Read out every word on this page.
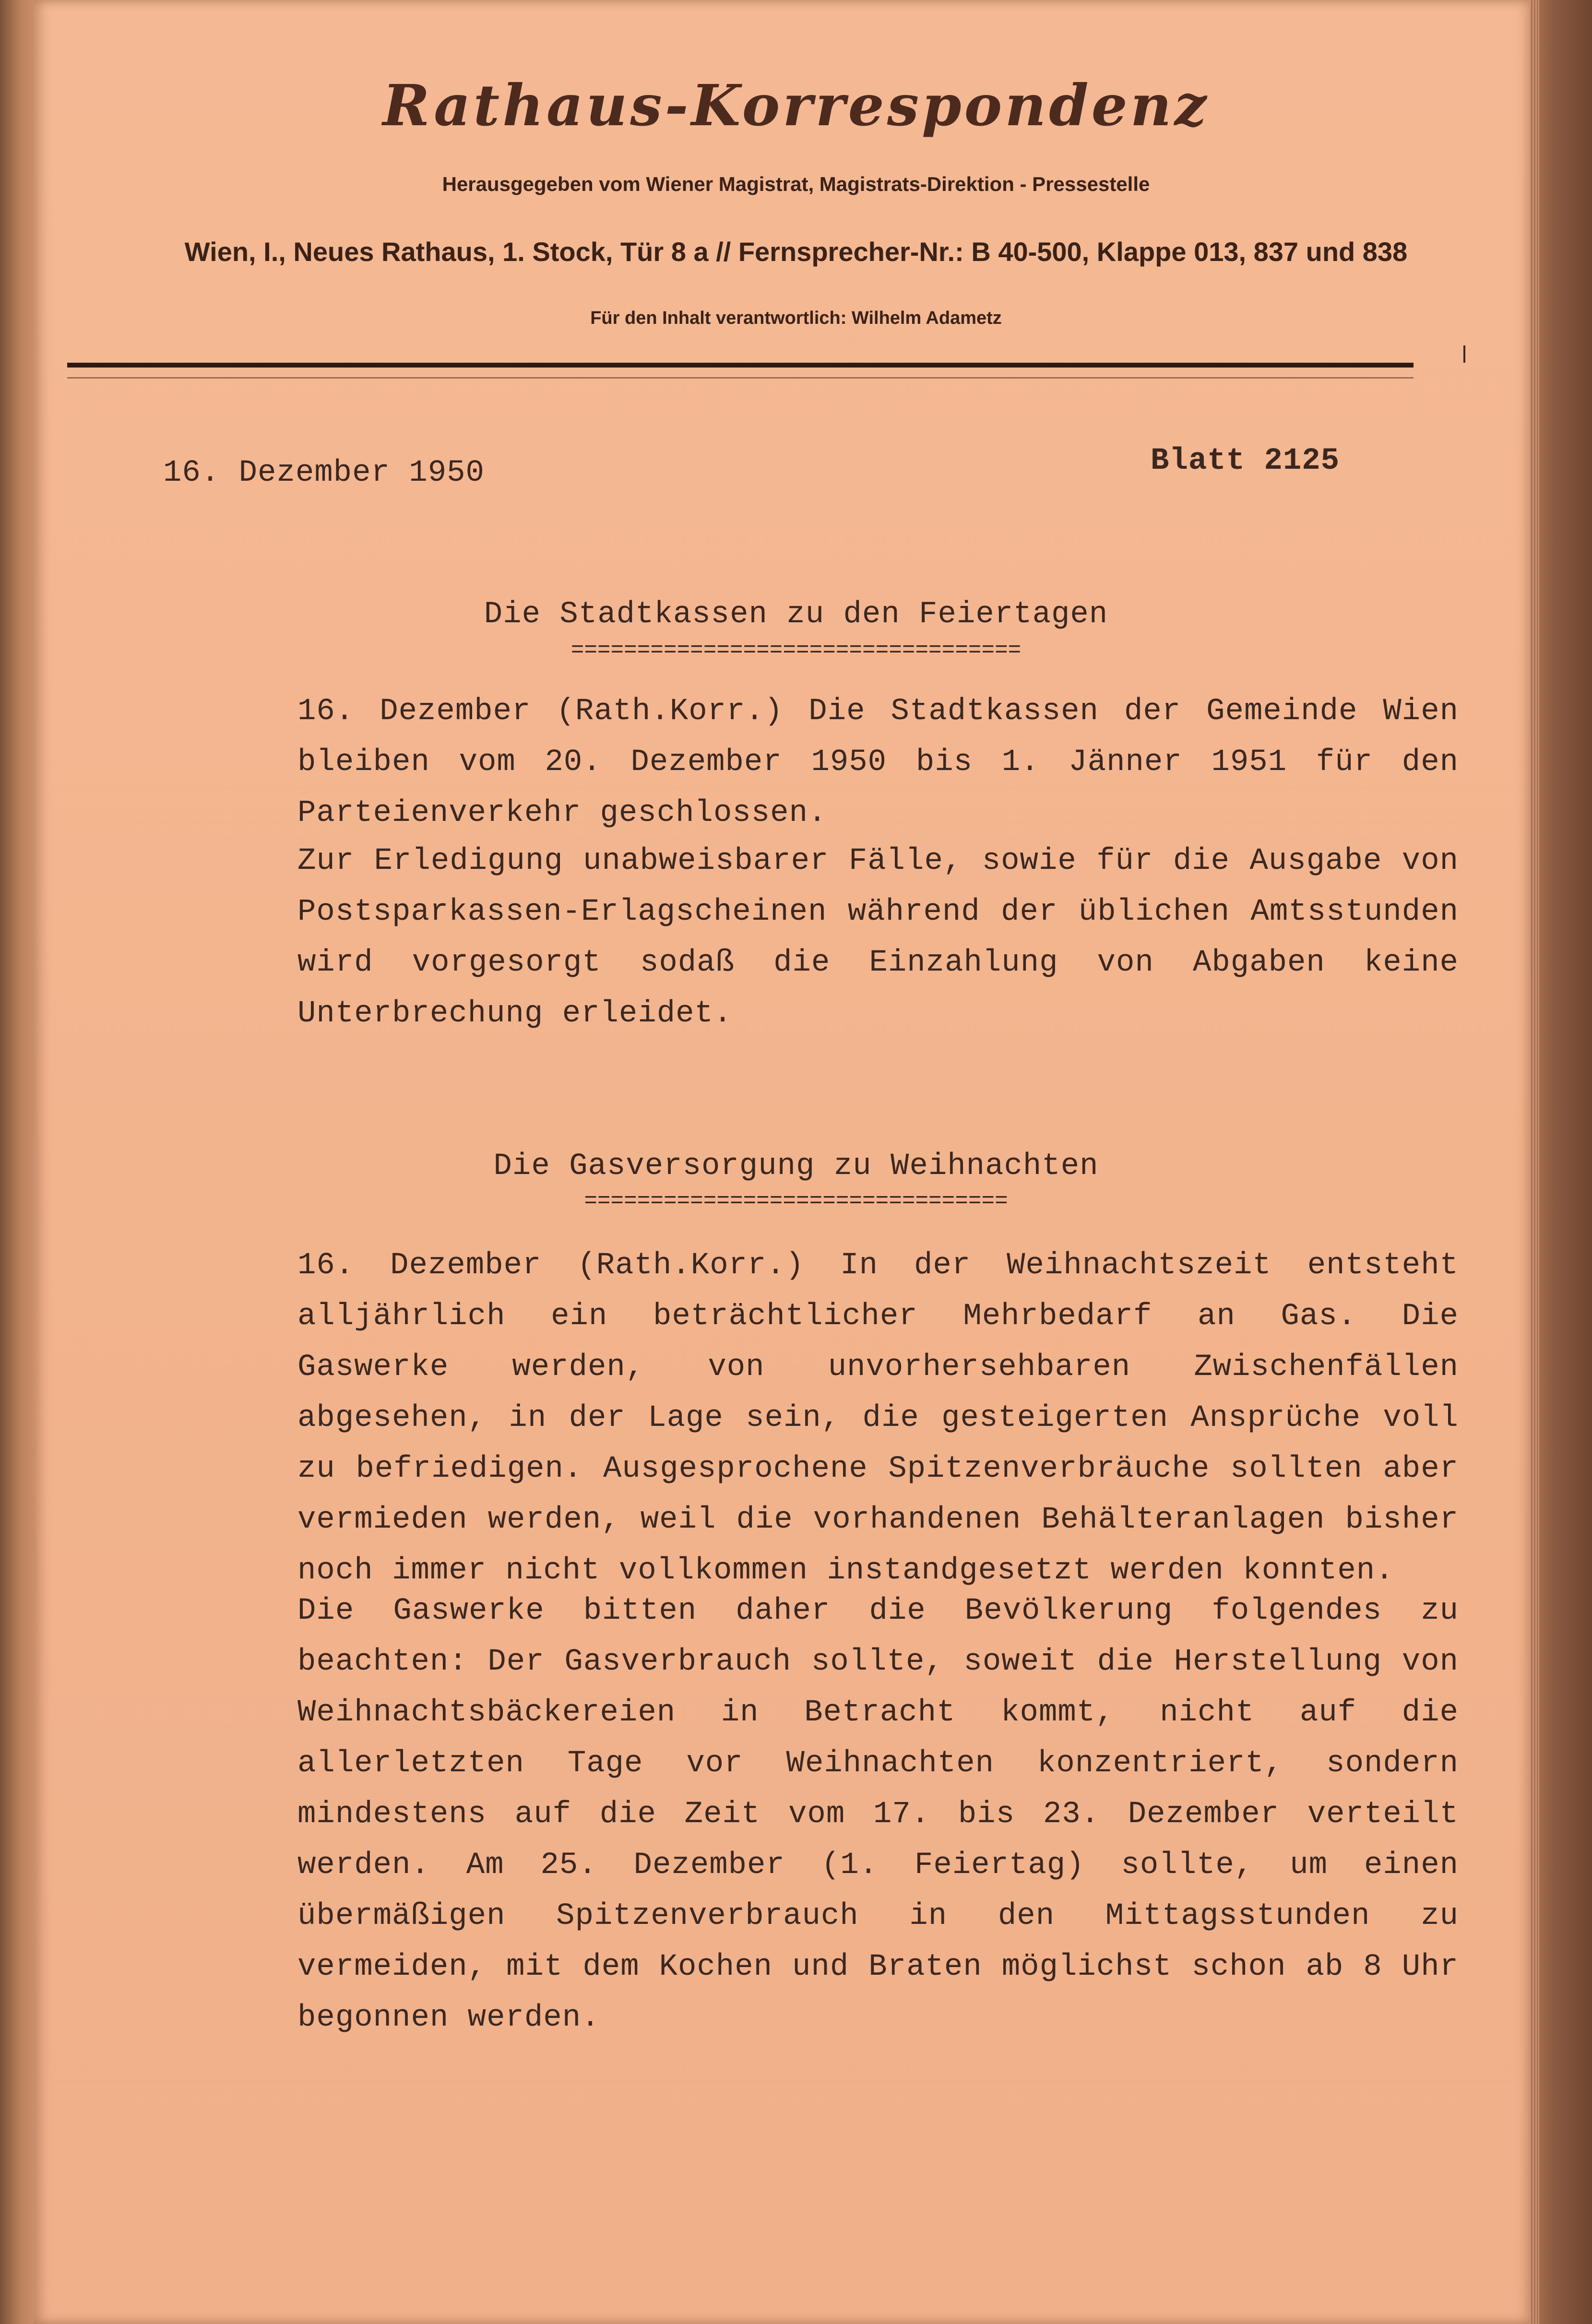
Rathaus-Korrespondenz
Herausgegeben vom Wiener Magistrat, Magistrats-Direktion - Pressestelle
Wien, I., Neues Rathaus, 1. Stock, Tür 8 a // Fernsprecher-Nr.: B 40-500, Klappe 013, 837 und 838
Für den Inhalt verantwortlich: Wilhelm Adametz
16. Dezember 1950	Blatt 2125
Die Stadtkassen zu den Feiertagen
==================================
16. Dezember (Rath.Korr.) Die Stadtkassen der Gemeinde Wien bleiben vom 20. Dezember 1950 bis 1. Jänner 1951 für den Parteienverkehr geschlossen.
Zur Erledigung unabweisbarer Fälle, sowie für die Ausgabe von Postsparkassen-Erlagscheinen während der üblichen Amtsstunden wird vorgesorgt sodaß die Einzahlung von Abgaben keine Unterbrechung erleidet.
Die Gasversorgung zu Weihnachten
================================
16. Dezember (Rath.Korr.) In der Weihnachtszeit entsteht alljährlich ein beträchtlicher Mehrbedarf an Gas. Die Gaswerke werden, von unvorhersehbaren Zwischenfällen abgesehen, in der Lage sein, die gesteigerten Ansprüche voll zu befriedigen. Ausgesprochene Spitzenverbräuche sollten aber vermieden werden, weil die vorhandenen Behälteranlagen bisher noch immer nicht vollkommen instandgesetzt werden konnten.
Die Gaswerke bitten daher die Bevölkerung folgendes zu beachten: Der Gasverbrauch sollte, soweit die Herstellung von Weihnachtsbäckereien in Betracht kommt, nicht auf die allerletzten Tage vor Weihnachten konzentriert, sondern mindestens auf die Zeit vom 17. bis 23. Dezember verteilt werden. Am 25. Dezember (1. Feiertag) sollte, um einen übermäßigen Spitzenverbrauch in den Mittagsstunden zu vermeiden, mit dem Kochen und Braten möglichst schon ab 8 Uhr begonnen werden.
